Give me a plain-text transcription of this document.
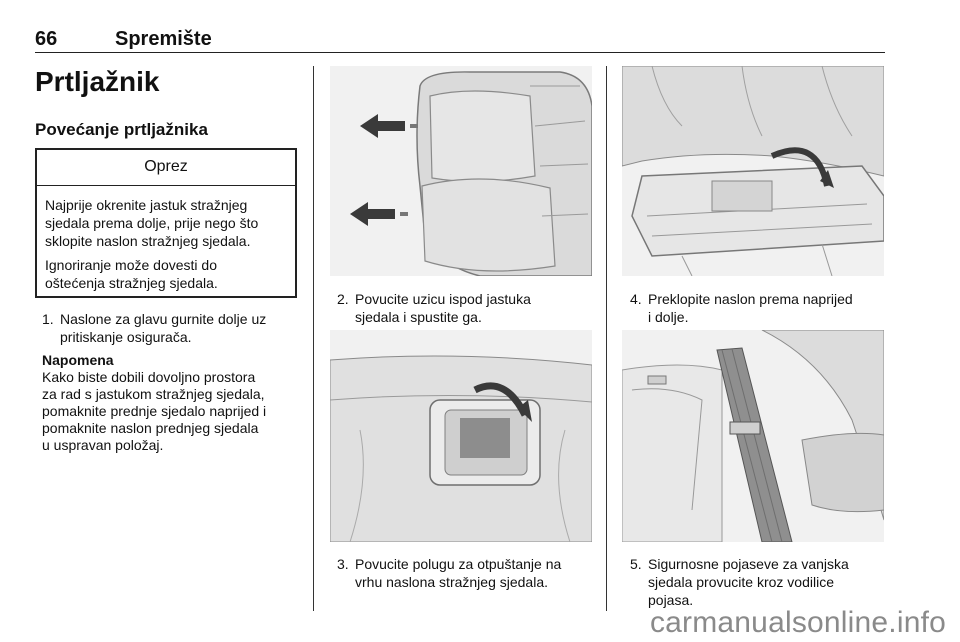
66	Spremište
Prtljažnik
Povećanje prtljažnika
Oprez

Najprije okrenite jastuk stražnjeg
sjedala prema dolje, prije nego što
sklopite naslon stražnjeg sjedala.

Ignoriranje može dovesti do
oštećenja stražnjeg sjedala.

1. Naslone za glavu gurnite dolje uz
pritiskanje osigurača.
Napomena
Kako biste dobili dovoljno prostora
za rad s jastukom stražnjeg sjedala,
pomaknite prednje sjedalo naprijed i
pomaknite naslon prednjeg sjedala
u uspravan položaj.
2. Povucite uzicu ispod jastuka
sjedala i spustite ga.
3. Povucite polugu za otpuštanje na
vrhu naslona stražnjeg sjedala.
4. Preklopite naslon prema naprijed
i dolje.
5. Sigurnosne pojaseve za vanjska
sjedala provucite kroz vodilice
pojasa.
carmanualsonline.info
